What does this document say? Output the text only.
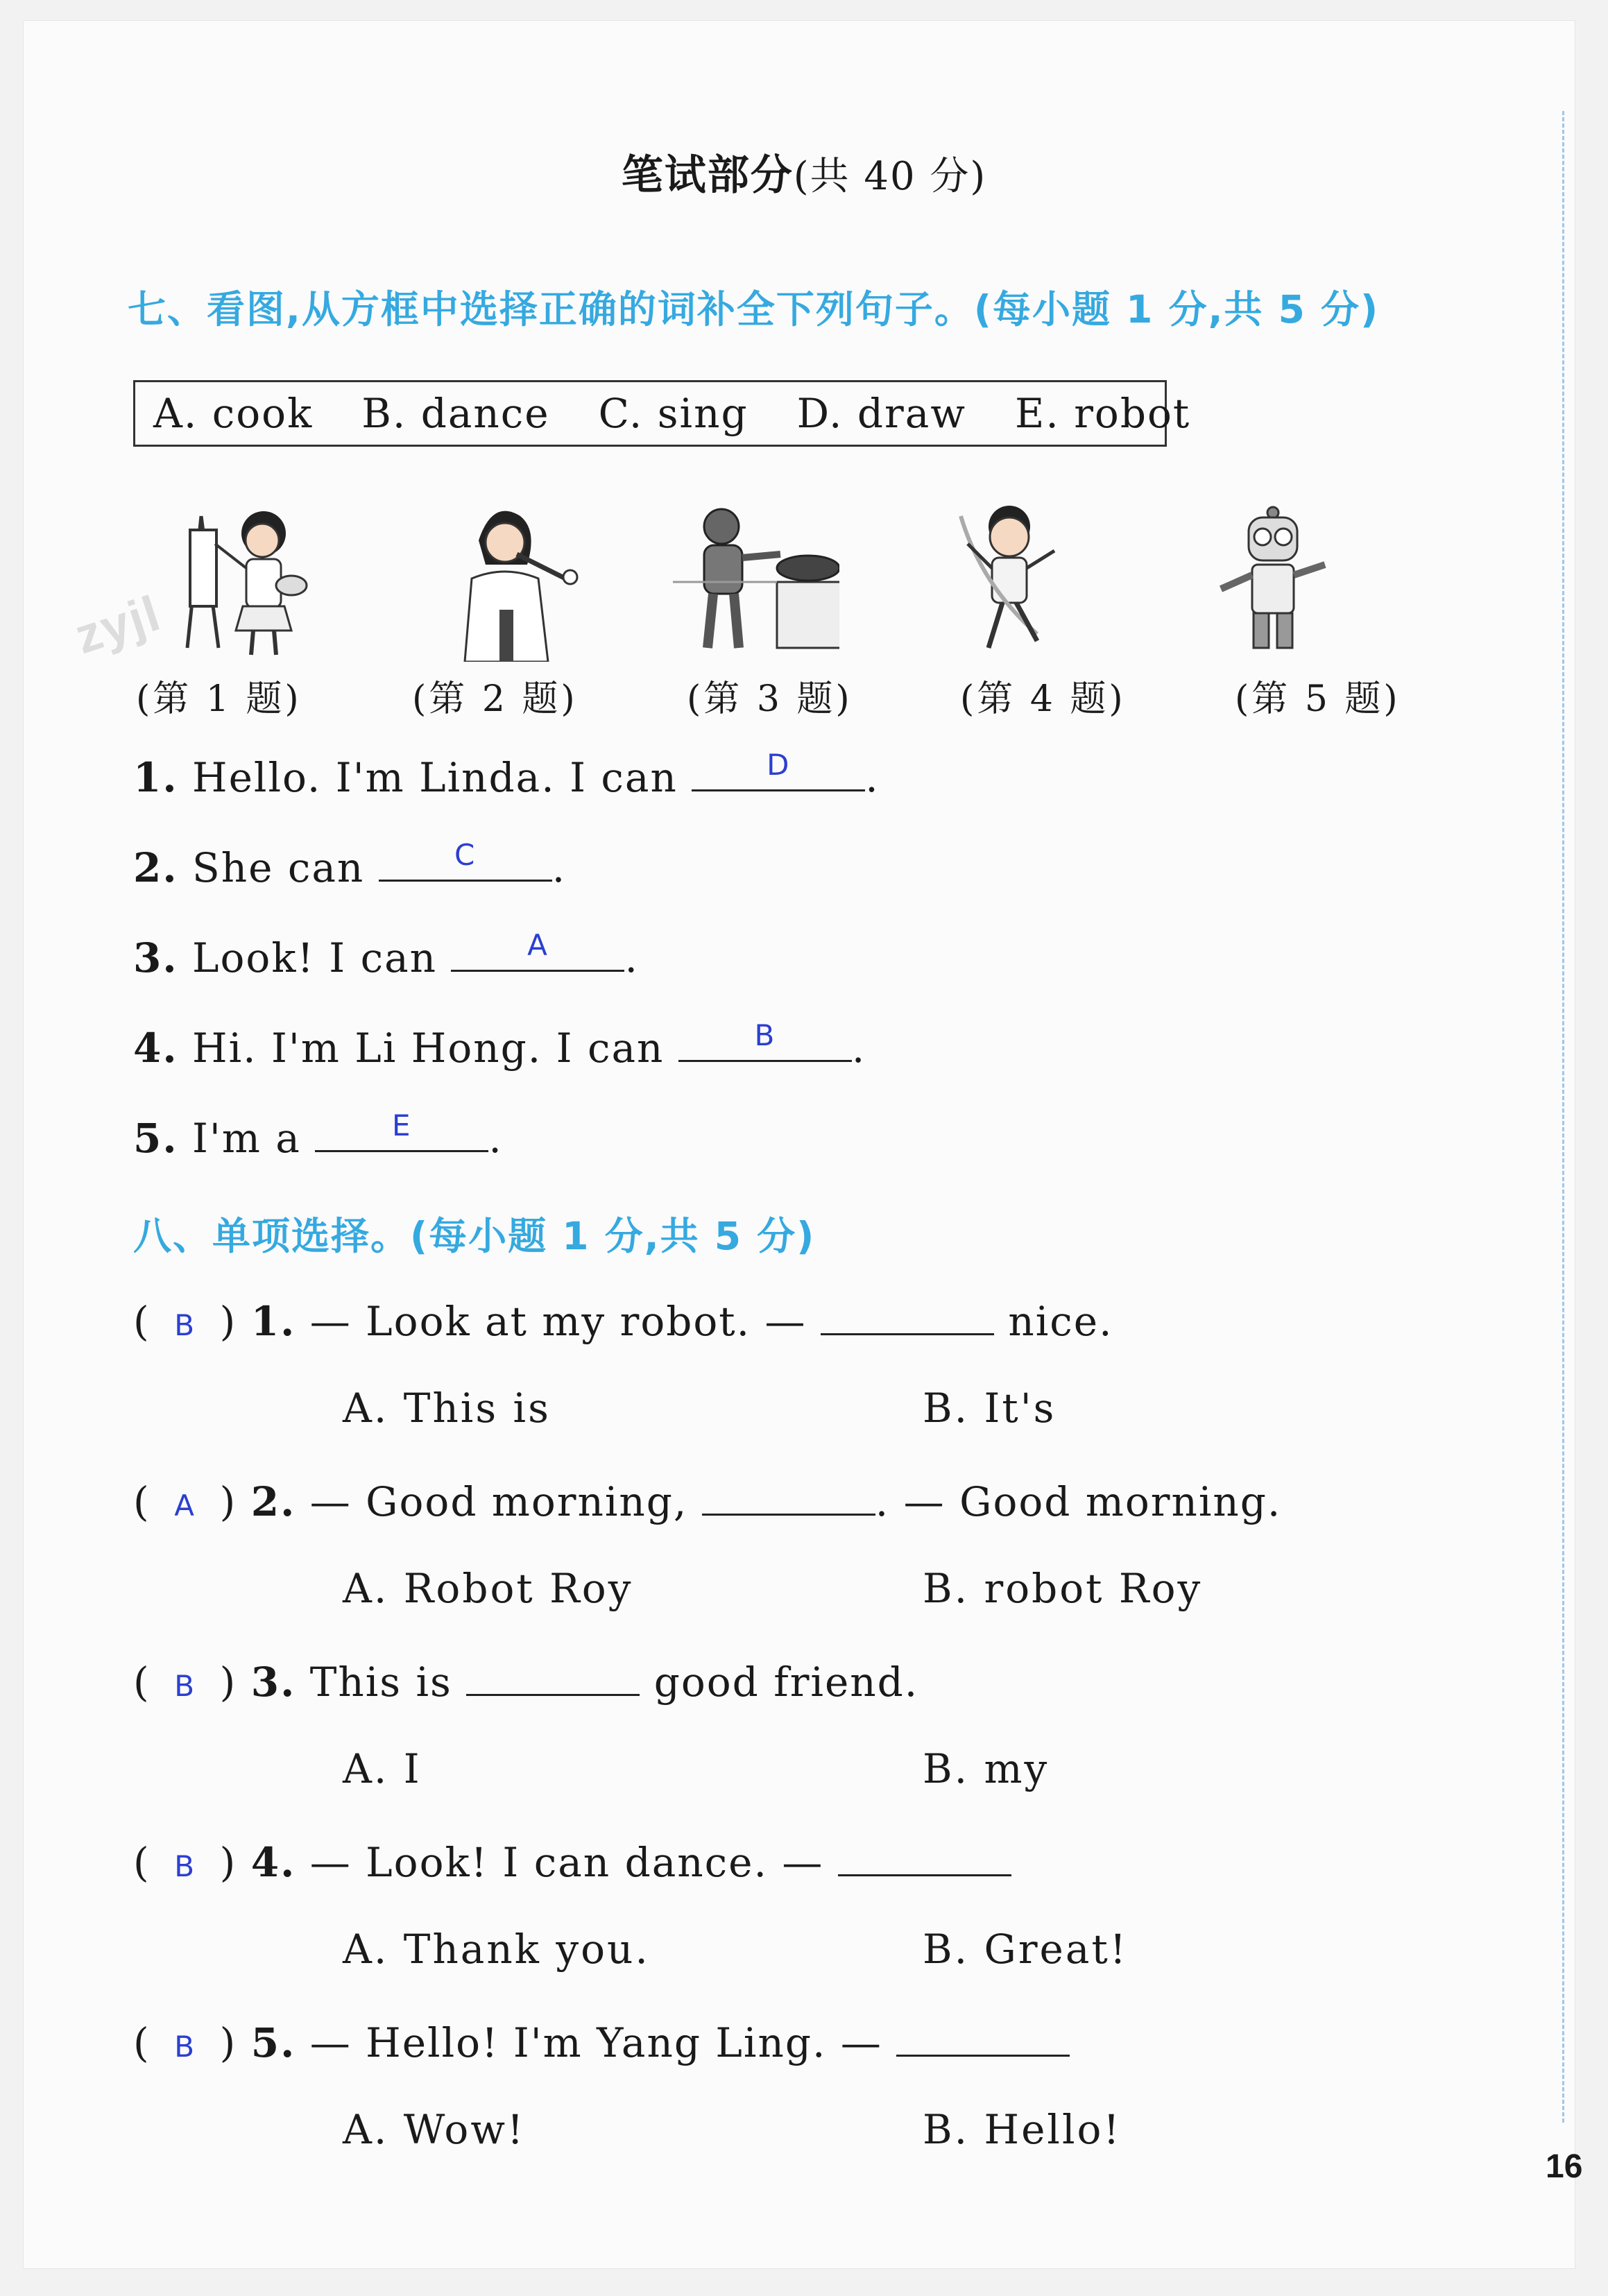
笔试部分(共 40 分)
七、看图,从方框中选择正确的词补全下列句子。(每小题 1 分,共 5 分)
A. cook B. dance C. sing D. draw E. robot
zyjl
(第 1 题)	(第 2 题)	(第 3 题)	(第 4 题)	(第 5 题)
1. Hello. I'm Linda. I can	D	.
2. She can	C	.
3. Look! I can	A	.
4. Hi. I'm Li Hong. I can	B	.
5. I'm a	E	.
八、单项选择。(每小题 1 分,共 5 分)
( B ) 1. — Look at my robot. —	nice.
A. This is	B. It's
( A ) 2. — Good morning,	. — Good morning.
A. Robot Roy	B. robot Roy
( B ) 3. This is	good friend.
A. I	B. my
( B ) 4. — Look! I can dance. —
A. Thank you.	B. Great!
( B ) 5. — Hello! I'm Yang Ling. —
A. Wow!	B. Hello!
16
